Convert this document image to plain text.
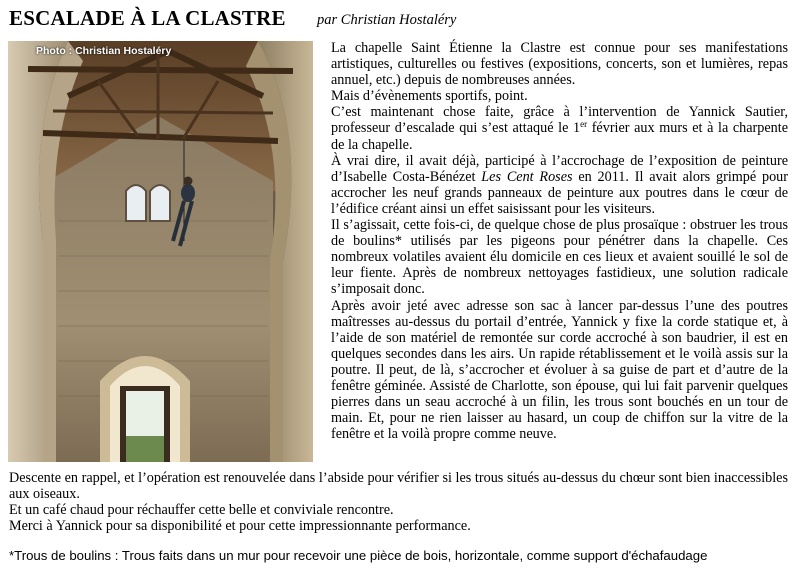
ESCALADE À LA CLASTRE par Christian Hostaléry
Photo : Christian Hostaléry	La chapelle Saint Étienne la Clastre est connue pour ses manifestations artistiques, culturelles ou festives (expositions, concerts, son et lumières, repas annuel, etc.) depuis de nombreuses années.

Mais d’évènements sportifs, point.

C’est maintenant chose faite, grâce à l’intervention de Yannick Sautier, professeur d’escalade qui s’est attaqué le 1er février aux murs et à la charpente de la chapelle.

À vrai dire, il avait déjà, participé à l’accrochage de l’exposition de peinture d’Isabelle Costa-Bénézet Les Cent Roses en 2011. Il avait alors grimpé pour accrocher les neuf grands panneaux de peinture aux poutres dans le cœur de l’édifice créant ainsi un effet saisissant pour les visiteurs.

Il s’agissait, cette fois-ci, de quelque chose de plus prosaïque : obstruer les trous de boulins* utilisés par les pigeons pour pénétrer dans la chapelle. Ces nombreux volatiles avaient élu domicile en ces lieux et avaient souillé le sol de leur fiente. Après de nombreux nettoyages fastidieux, une solution radicale s’imposait donc.

Après avoir jeté avec adresse son sac à lancer par-dessus l’une des poutres maîtresses au-dessus du portail d’entrée, Yannick y fixe la corde statique et, à l’aide de son matériel de remontée sur corde accroché à son baudrier, il est en quelques secondes dans les airs. Un rapide rétablissement et le voilà assis sur la poutre. Il peut, de là, s’accrocher et évoluer à sa guise de part et d’autre de la fenêtre géminée. Assisté de Charlotte, son épouse, qui lui fait parvenir quelques pierres dans un seau accroché à un filin, les trous sont bouchés en un tour de main. Et, pour ne rien laisser au hasard, un coup de chiffon sur la vitre de la fenêtre et la voilà propre comme neuve.

Descente en rappel, et l’opération est renouvelée dans l’abside pour vérifier si les trous situés au-dessus du chœur sont bien inaccessibles aux oiseaux.

Et un café chaud pour réchauffer cette belle et conviviale rencontre.

Merci à Yannick pour sa disponibilité et pour cette impressionnante performance.

*Trous de boulins : Trous faits dans un mur pour recevoir une pièce de bois, horizontale, comme support d'échafaudage
